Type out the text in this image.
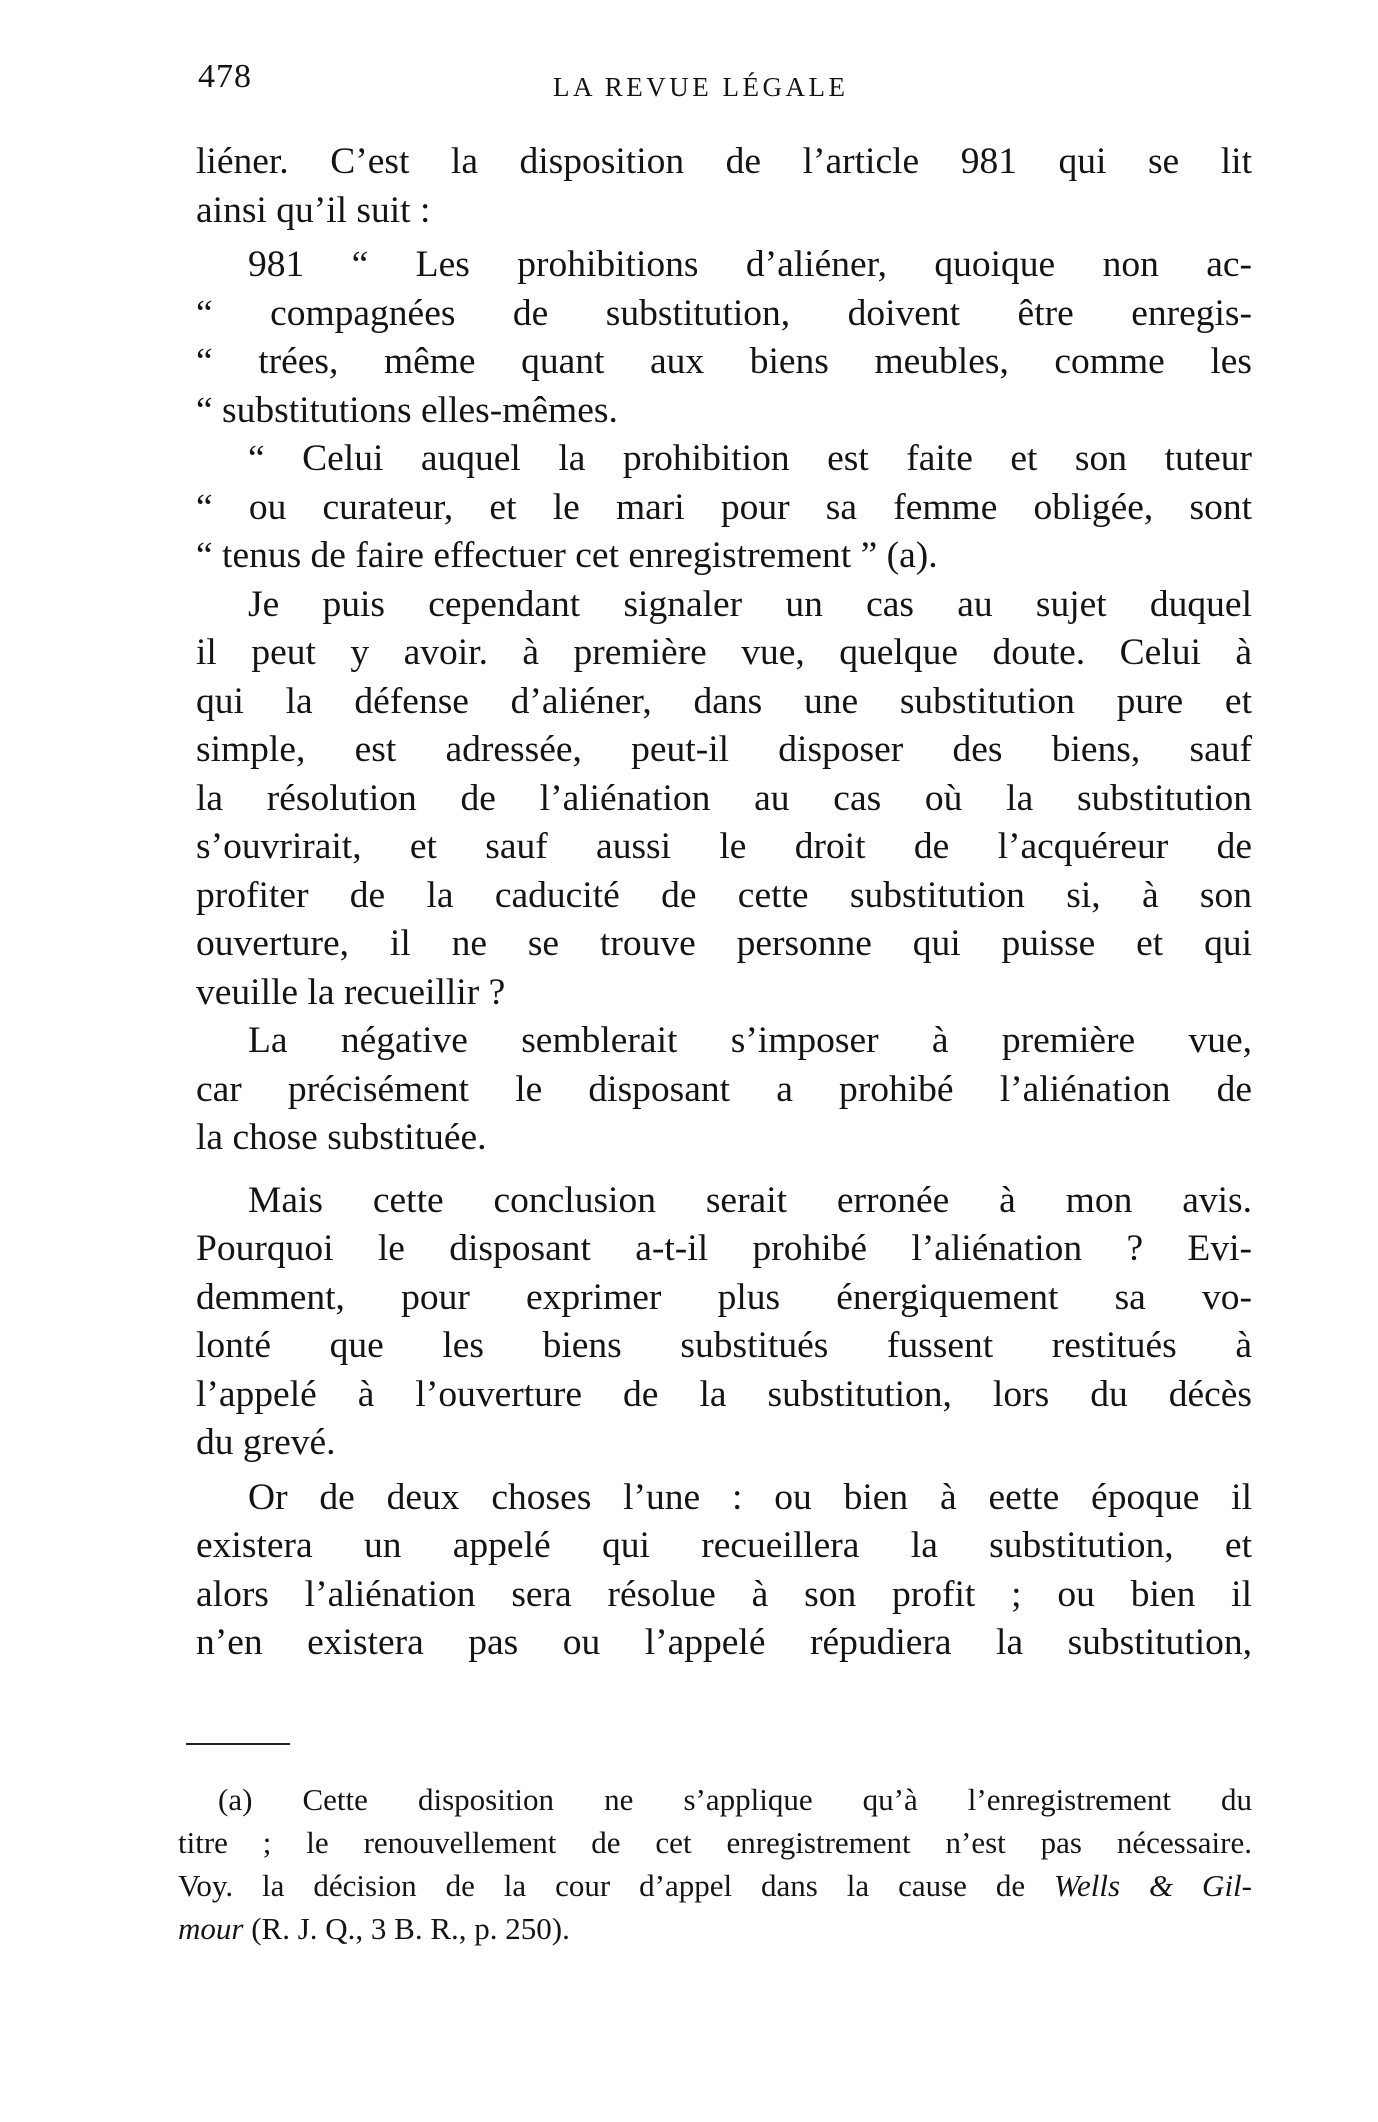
478	LA REVUE LÉGALE
liéner. C’est la disposition de l’article 981 qui se lit
ainsi qu’il suit :
981 “ Les prohibitions d’aliéner, quoique non ac-
“ compagnées de substitution, doivent être enregis-
“ trées, même quant aux biens meubles, comme les
“ substitutions elles-mêmes.
“ Celui auquel la prohibition est faite et son tuteur
“ ou curateur, et le mari pour sa femme obligée, sont
“ tenus de faire effectuer cet enregistrement ” (a).
Je puis cependant signaler un cas au sujet duquel
il peut y avoir. à première vue, quelque doute. Celui à
qui la défense d’aliéner, dans une substitution pure et
simple, est adressée, peut-il disposer des biens, sauf
la résolution de l’aliénation au cas où la substitution
s’ouvrirait, et sauf aussi le droit de l’acquéreur de
profiter de la caducité de cette substitution si, à son
ouverture, il ne se trouve personne qui puisse et qui
veuille la recueillir ?
La négative semblerait s’imposer à première vue,
car précisément le disposant a prohibé l’aliénation de
la chose substituée.
Mais cette conclusion serait erronée à mon avis.
Pourquoi le disposant a-t-il prohibé l’aliénation ? Evi-
demment, pour exprimer plus énergiquement sa vo-
lonté que les biens substitués fussent restitués à
l’appelé à l’ouverture de la substitution, lors du décès
du grevé.
Or de deux choses l’une : ou bien à eette époque il
existera un appelé qui recueillera la substitution, et
alors l’aliénation sera résolue à son profit ; ou bien il
n’en existera pas ou l’appelé répudiera la substitution,
(a) Cette disposition ne s’applique qu’à l’enregistrement du
titre ; le renouvellement de cet enregistrement n’est pas nécessaire.
Voy. la décision de la cour d’appel dans la cause de Wells & Gil-
mour (R. J. Q., 3 B. R., p. 250).
